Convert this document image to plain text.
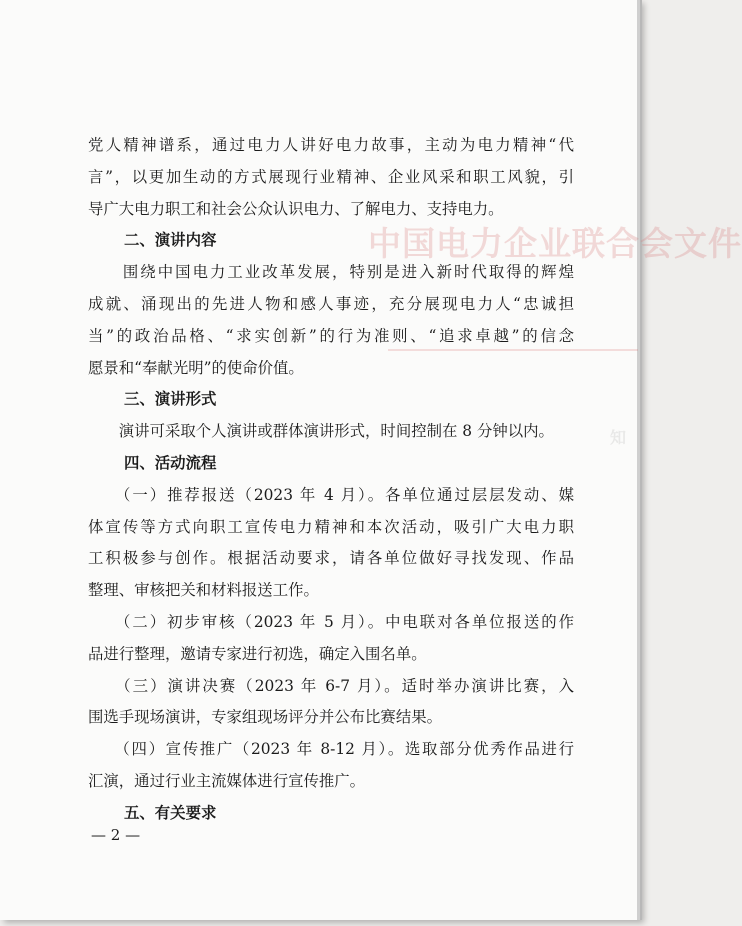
中国电力企业联合会文件
知

党人精神谱系，通过电力人讲好电力故事，主动为电力精神“代
言”，以更加生动的方式展现行业精神、企业风采和职工风貌，引
导广大电力职工和社会公众认识电力、了解电力、支持电力。

二、演讲内容

　　围绕中国电力工业改革发展，特别是进入新时代取得的辉煌
成就、涌现出的先进人物和感人事迹，充分展现电力人“忠诚担
当”的政治品格、“求实创新”的行为准则、“追求卓越”的信念
愿景和“奉献光明”的使命价值。

三、演讲形式

　　演讲可采取个人演讲或群体演讲形式，时间控制在 8 分钟以内。

四、活动流程

　　（一）推荐报送（2023 年 4 月）。各单位通过层层发动、媒
体宣传等方式向职工宣传电力精神和本次活动，吸引广大电力职
工积极参与创作。根据活动要求，请各单位做好寻找发现、作品
整理、审核把关和材料报送工作。

　　（二）初步审核（2023 年 5 月）。中电联对各单位报送的作
品进行整理，邀请专家进行初选，确定入围名单。

　　（三）演讲决赛（2023 年 6-7 月）。适时举办演讲比赛，入
围选手现场演讲，专家组现场评分并公布比赛结果。

　　（四）宣传推广（2023 年 8-12 月）。选取部分优秀作品进行
汇演，通过行业主流媒体进行宣传推广。

五、有关要求

— 2 —
